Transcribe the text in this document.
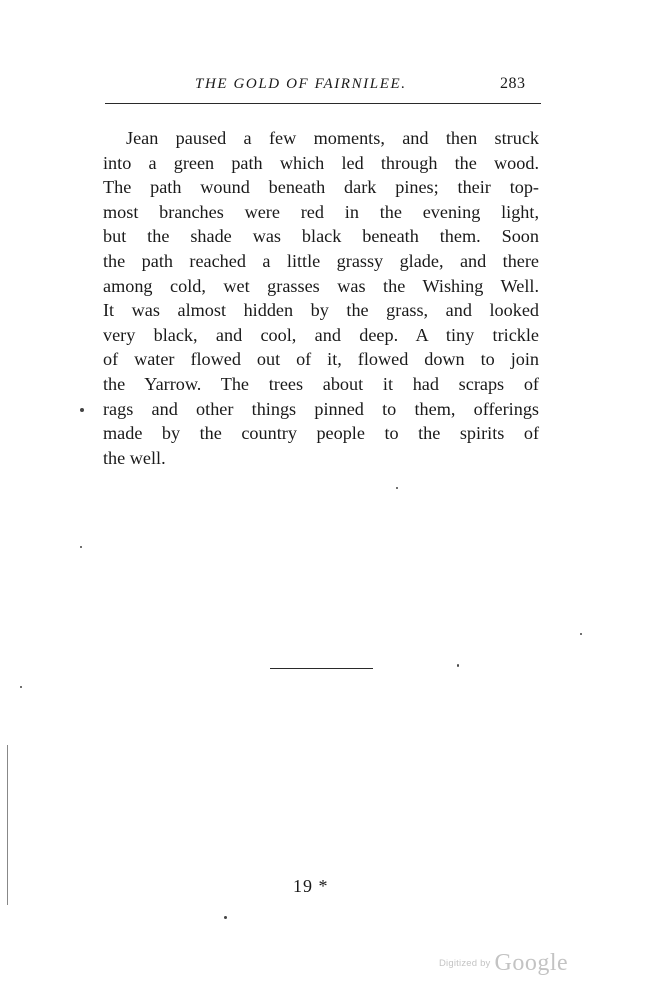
THE GOLD OF FAIRNILEE.	283
Jean paused a few moments, and then struck
into a green path which led through the wood.
The path wound beneath dark pines; their top-
most branches were red in the evening light,
but the shade was black beneath them. Soon
the path reached a little grassy glade, and there
among cold, wet grasses was the Wishing Well.
It was almost hidden by the grass, and looked
very black, and cool, and deep. A tiny trickle
of water flowed out of it, flowed down to join
the Yarrow. The trees about it had scraps of
rags and other things pinned to them, offerings
made by the country people to the spirits of
the well.
19 *
$^{Digitized by}$ Google
